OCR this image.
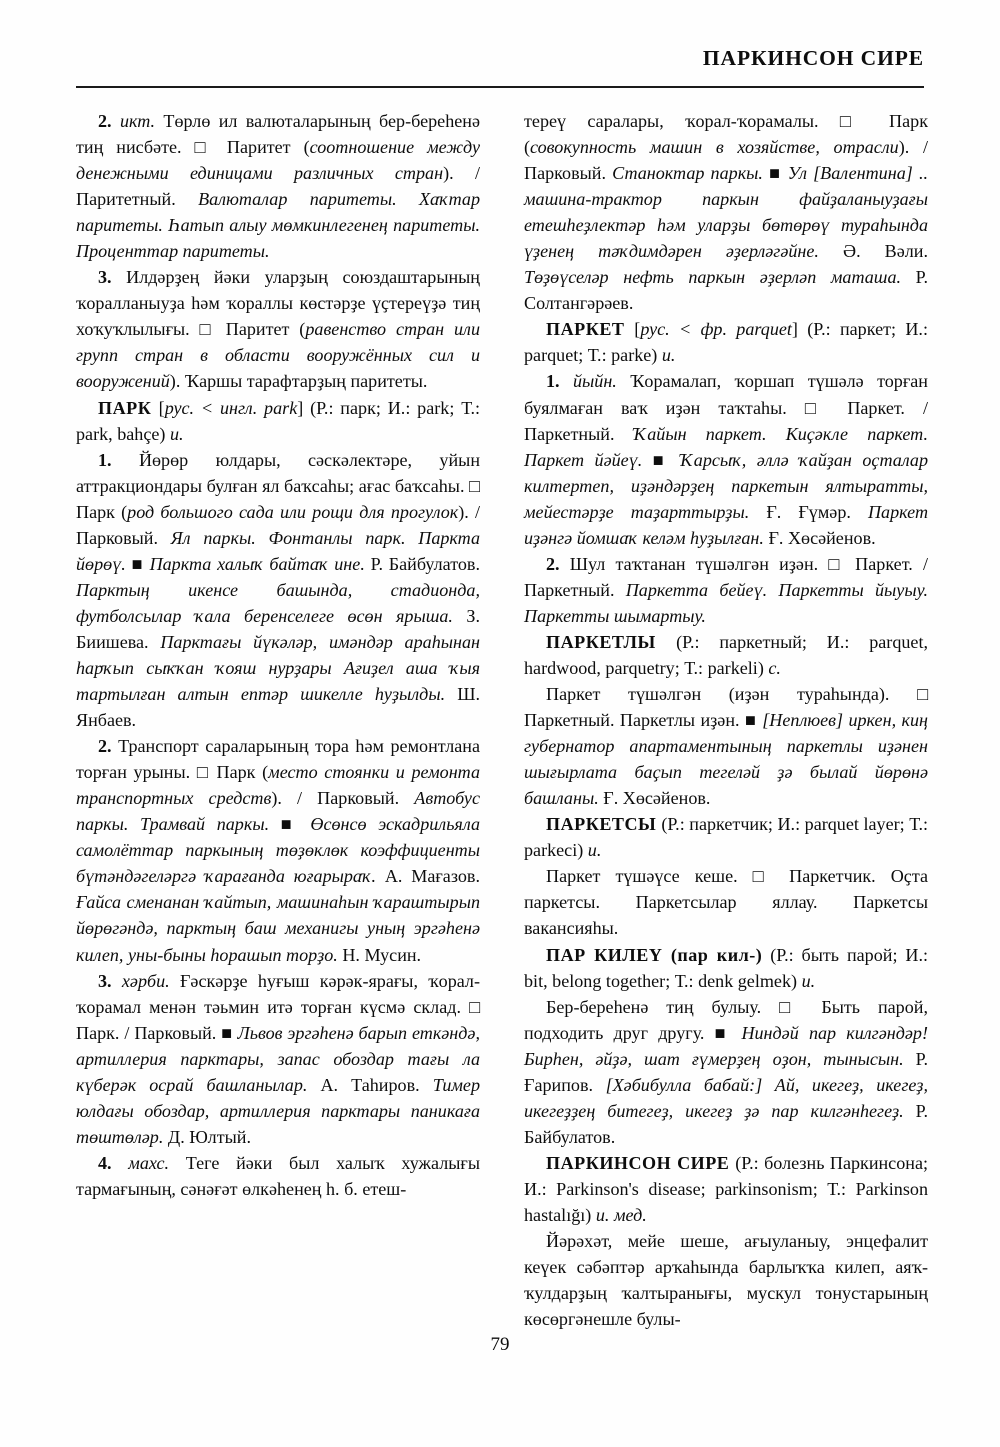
ПАРКИНСОН СИРЕ

2. икт. Төрлө ил валюталарының бер-береһенә тиң нисбәте. □ Паритет (соотношение между денежными единицами различных стран). / Паритетный. Валюталар паритеты. Хаҡтар паритеты. Һатып алыу мөмкинлегенең паритеты. Проценттар паритеты.

3. Илдәрҙең йәки уларҙың союздаштарының ҡоралланыуҙа һәм ҡораллы көстәрҙе үҫтереүҙә тиң хоҡуҡлылығы. □ Паритет (равенство стран или групп стран в области вооружённых сил и вооружений). Ҡаршы тарафтарҙың паритеты.

ПАРК [рус. < ингл. park] (Р.: парк; И.: park; Т.: park, bahçe) и.

1. Йөрөр юлдары, сәскәлектәре, уйын аттракциондары булған ял баҡсаһы; ағас баҡсаһы. □ Парк (род большого сада или рощи для прогулок). / Парковый. Ял паркы. Фонтанлы парк. Паркта йөрөү. ■ Паркта халыҡ байтаҡ ине. Р. Байбулатов. Парктың икенсе башында, стадионда, футболсылар ҡала беренселеге өсөн ярыша. З. Биишева. Парктағы йүкәләр, имәндәр араһынан һарҡып сыҡҡан ҡояш нурҙары Ағиҙел аша ҡыя тартылған алтын ептәр шикелле һуҙылды. Ш. Янбаев.

2. Транспорт сараларының тора һәм ремонтлана торған урыны. □ Парк (место стоянки и ремонта транспортных средств). / Парковый. Автобус паркы. Трамвай паркы. ■ Өсөнсө эскадрильяла самолёттар паркының төҙөклөк коэффициенты бүтәндәгеләргә ҡарағанда юғарыраҡ. А. Мағазов. Ғайса сменанан ҡайтып, машинаһын ҡараштырып йөрөгәндә, парктың баш механигы уның эргәһенә килеп, уны-быны һорашып торҙо. Н. Мусин.

3. хәрби. Ғәскәрҙе һуғыш кәрәк-ярағы, ҡорал-ҡорамал менән тәьмин итә торған күсмә склад. □ Парк. / Парковый. ■ Львов эргәһенә барып еткәндә, артиллерия парктары, запас обоздар тағы ла күберәк осрай башланылар. А. Таһиров. Тимер юлдағы обоздар, артиллерия парктары паникаға төштөләр. Д. Юлтый.

4. махс. Теге йәки был халыҡ хужалығы тармағының, сәнәғәт өлкәһенең һ. б. етеш-

тереү саралары, ҡорал-ҡорамалы. □ Парк (совокупность машин в хозяйстве, отрасли). / Парковый. Станоктар паркы. ■ Ул [Валентина] .. машина-трактор паркын файҙаланыуҙағы етешһеҙлектәр һәм уларҙы бөтөрөү тураһында үҙенең тәҡдимдәрен әҙерләгәйне. Ә. Вәли. Төҙөүселәр нефть паркын әҙерләп маташа. Р. Солтангәрәев.

ПАРКЕТ [рус. < фр. parquet] (Р.: паркет; И.: parquet; Т.: parke) и.

1. йыйн. Ҡорамалап, ҡоршап түшәлә торған буялмаған ваҡ иҙән таҡтаһы. □ Паркет. / Паркетный. Ҡайын паркет. Киҫәкле паркет. Паркет йәйеү. ■ Ҡарсыҡ, әллә ҡайҙан оҫталар килтертеп, иҙәндәрҙең паркетын ялтыратты, мейестәрҙе таҙарттырҙы. Ғ. Ғүмәр. Паркет иҙәнгә йомшаҡ келәм һуҙылған. Ғ. Хөсәйенов.

2. Шул таҡтанан түшәлгән иҙән. □ Паркет. / Паркетный. Паркетта бейеү. Паркетты йыуыу. Паркетты шымартыу.

ПАРКЕТЛЫ (Р.: паркетный; И.: parquet, hardwood, parquetry; Т.: parkeli) с.

Паркет түшәлгән (иҙән тураһында). □ Паркетный. Паркетлы иҙән. ■ [Неплюев] иркен, киң губернатор апартаментының паркетлы иҙәнен шығырлата баҫып тегеләй ҙә былай йөрөнә башланы. Ғ. Хөсәйенов.

ПАРКЕТСЫ (Р.: паркетчик; И.: parquet layer; Т.: parkeci) и.

Паркет түшәүсе кеше. □ Паркетчик. Оҫта паркетсы. Паркетсылар яллау. Паркетсы вакансияһы.

ПАР КИЛЕҮ (пар кил-) (Р.: быть парой; И.: bit, belong together; Т.: denk gelmek) и.

Бер-береһенә тиң булыу. □ Быть парой, подходить друг другу. ■ Ниндәй пар килгәндәр! Бирһен, әйҙә, шат ғүмерҙең оҙон, тынысын. Р. Ғарипов. [Хәбибулла бабай:] Ай, икегеҙ, икегеҙ, икегеҙҙең битегеҙ, икегеҙ ҙә пар килгәнһегеҙ. Р. Байбулатов.

ПАРКИНСОН СИРЕ (Р.: болезнь Паркинсона; И.: Parkinson's disease; parkinsonism; Т.: Parkinson hastalığı) и. мед.

Йәрәхәт, мейе шеше, ағыуланыу, энцефалит кеүек сәбәптәр арҡаһында барлыҡҡа килеп, аяҡ-ҡулдарҙың ҡалтыранығы, мускул тонустарының көсөргәнешле булы-

79
